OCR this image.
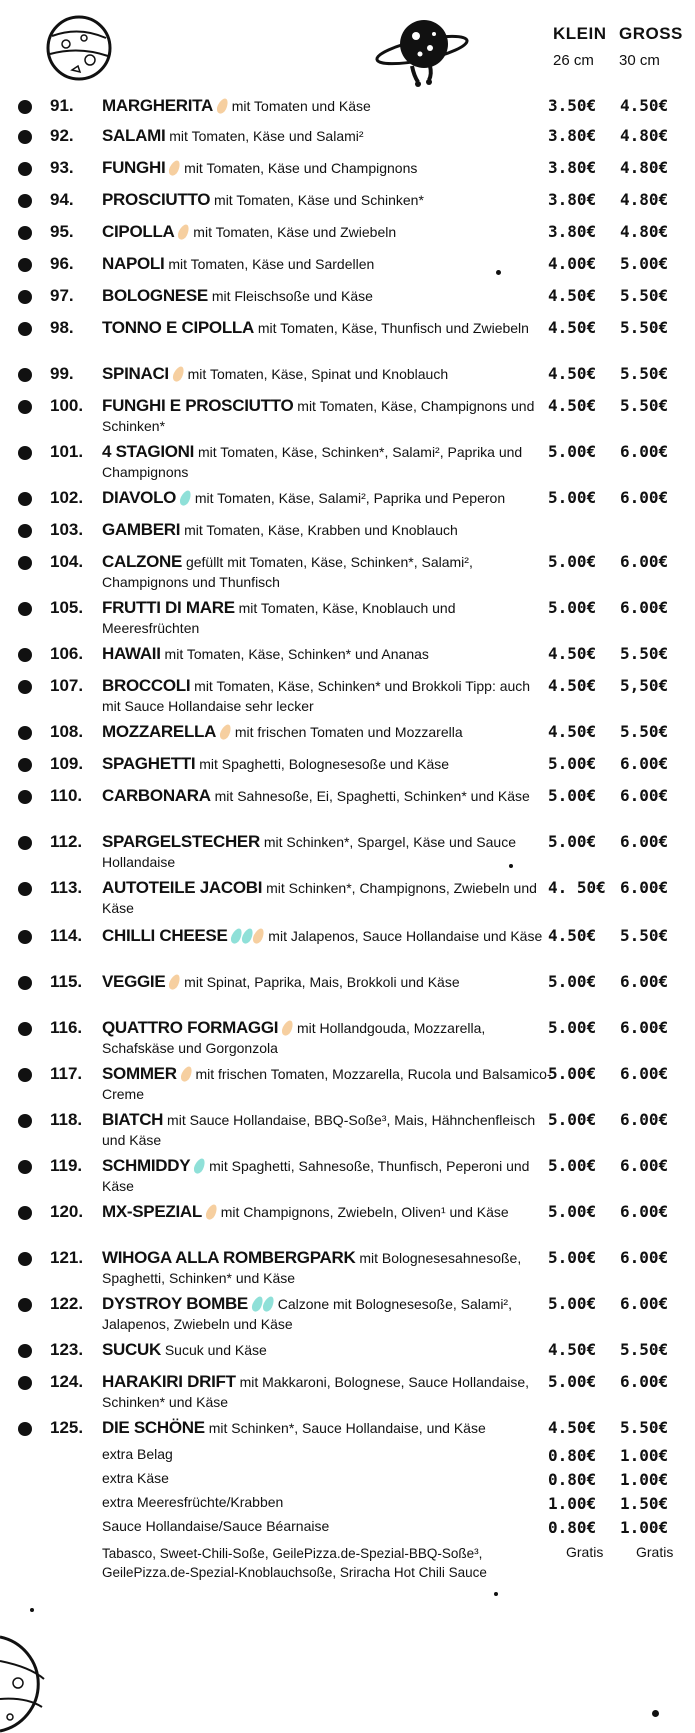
KLEIN
26 cm
GROSS
30 cm
91. MARGHERITA mit Tomaten und Käse	3.50€ 4.50€
92. SALAMI mit Tomaten, Käse und Salami²	3.80€ 4.80€
93. FUNGHI mit Tomaten, Käse und Champignons	3.80€ 4.80€
94. PROSCIUTTO mit Tomaten, Käse und Schinken*	3.80€ 4.80€
95. CIPOLLA mit Tomaten, Käse und Zwiebeln	3.80€ 4.80€
96. NAPOLI mit Tomaten, Käse und Sardellen	4.00€ 5.00€
97. BOLOGNESE mit Fleischsoße und Käse	4.50€ 5.50€
98. TONNO E CIPOLLA mit Tomaten, Käse, Thunfisch und Zwiebeln	4.50€ 5.50€
99. SPINACI mit Tomaten, Käse, Spinat und Knoblauch	4.50€ 5.50€
100. FUNGHI E PROSCIUTTO mit Tomaten, Käse, Champignons und Schinken*
4.50€ 5.50€
101. 4 STAGIONI mit Tomaten, Käse, Schinken*, Salami², Paprika und Champignons
5.00€ 6.00€
102. DIAVOLO mit Tomaten, Käse, Salami², Paprika und Peperon	5.00€ 6.00€
103. GAMBERI mit Tomaten, Käse, Krabben und Knoblauch
104. CALZONE gefüllt mit Tomaten, Käse, Schinken*, Salami², Champignons und Thunfisch
5.00€ 6.00€
105. FRUTTI DI MARE mit Tomaten, Käse, Knoblauch und Meeresfrüchten
5.00€ 6.00€
106. HAWAII mit Tomaten, Käse, Schinken* und Ananas	4.50€ 5.50€
107. BROCCOLI mit Tomaten, Käse, Schinken* und Brokkoli Tipp: auch mit Sauce Hollandaise sehr lecker
4.50€ 5,50€
108. MOZZARELLA mit frischen Tomaten und Mozzarella	4.50€ 5.50€
109. SPAGHETTI mit Spaghetti, Bolognesesoße und Käse	5.00€ 6.00€
110. CARBONARA mit Sahnesoße, Ei, Spaghetti, Schinken* und Käse	5.00€ 6.00€
112. SPARGELSTECHER mit Schinken*, Spargel, Käse und Sauce Hollandaise
5.00€ 6.00€
113. AUTOTEILE JACOBI mit Schinken*, Champignons, Zwiebeln und Käse
4. 50€ 6.00€
114. CHILLI CHEESE	mit Jalapenos, Sauce Hollandaise und Käse 4.50€ 5.50€
115. VEGGIE mit Spinat, Paprika, Mais, Brokkoli und Käse	5.00€ 6.00€
116. QUATTRO FORMAGGI mit Hollandgouda, Mozzarella, Schafskäse und Gorgonzola
5.00€ 6.00€
117. SOMMER mit frischen Tomaten, Mozzarella, Rucola und Balsamico-Creme
5.00€ 6.00€
118. BIATCH mit Sauce Hollandaise, BBQ-Soße³, Mais, Hähnchenfleisch und Käse
5.00€ 6.00€
119. SCHMIDDY mit Spaghetti, Sahnesoße, Thunfisch, Peperoni und Käse
5.00€ 6.00€
120. MX-SPEZIAL mit Champignons, Zwiebeln, Oliven¹ und Käse	5.00€ 6.00€
121. WIHOGA ALLA ROMBERGPARK mit Bolognesesahnesoße, Spaghetti, Schinken* und Käse
5.00€ 6.00€
122. DYSTROY BOMBE Calzone mit Bolognesesoße, Salami², Jalapenos, Zwiebeln und Käse
5.00€ 6.00€
123. SUCUK Sucuk und Käse	4.50€ 5.50€
124. HARAKIRI DRIFT mit Makkaroni, Bolognese, Sauce Hollandaise, Schinken* und Käse
5.00€ 6.00€
125. DIE SCHÖNE mit Schinken*, Sauce Hollandaise, und Käse	4.50€ 5.50€
extra Belag	0.80€ 1.00€
extra Käse	0.80€ 1.00€
extra Meeresfrüchte/Krabben	1.00€ 1.50€
Sauce Hollandaise/Sauce Béarnaise	0.80€ 1.00€
Tabasco, Sweet-Chili-Soße, GeilePizza.de-Spezial-BBQ-Soße³, GeilePizza.de-Spezial-Knoblauchsoße, Sriracha Hot Chili Sauce
Gratis Gratis
